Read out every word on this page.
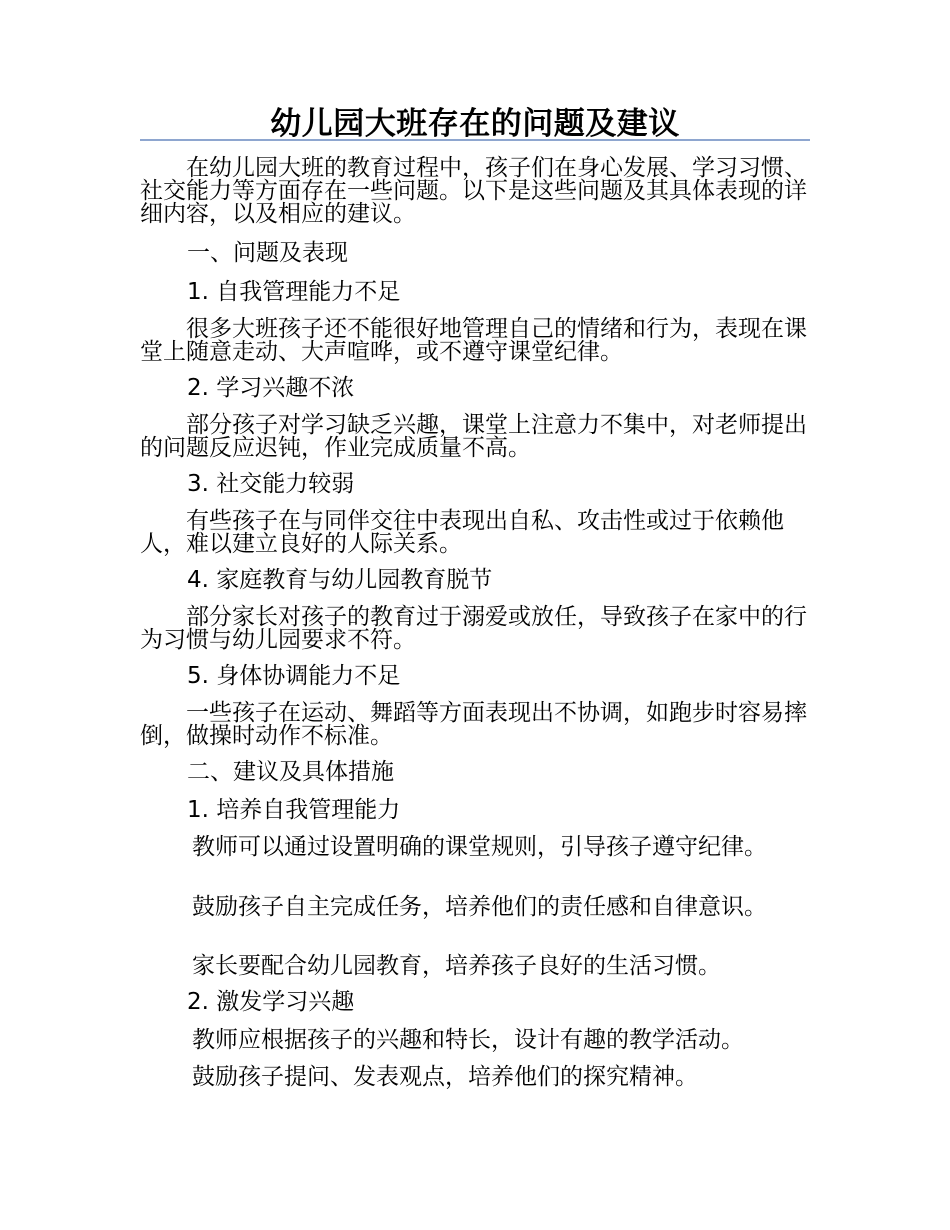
幼儿园大班存在的问题及建议
在幼儿园大班的教育过程中，孩子们在身心发展、学习习惯、社交能力等方面存在一些问题。以下是这些问题及其具体表现的详细内容，以及相应的建议。
一、问题及表现
1. 自我管理能力不足
很多大班孩子还不能很好地管理自己的情绪和行为，表现在课堂上随意走动、大声喧哗，或不遵守课堂纪律。
2. 学习兴趣不浓
部分孩子对学习缺乏兴趣，课堂上注意力不集中，对老师提出的问题反应迟钝，作业完成质量不高。
3. 社交能力较弱
有些孩子在与同伴交往中表现出自私、攻击性或过于依赖他人，难以建立良好的人际关系。
4. 家庭教育与幼儿园教育脱节
部分家长对孩子的教育过于溺爱或放任，导致孩子在家中的行为习惯与幼儿园要求不符。
5. 身体协调能力不足
一些孩子在运动、舞蹈等方面表现出不协调，如跑步时容易摔倒，做操时动作不标准。
二、建议及具体措施
1. 培养自我管理能力
教师可以通过设置明确的课堂规则，引导孩子遵守纪律。
鼓励孩子自主完成任务，培养他们的责任感和自律意识。
家长要配合幼儿园教育，培养孩子良好的生活习惯。
2. 激发学习兴趣
教师应根据孩子的兴趣和特长，设计有趣的教学活动。
鼓励孩子提问、发表观点，培养他们的探究精神。
